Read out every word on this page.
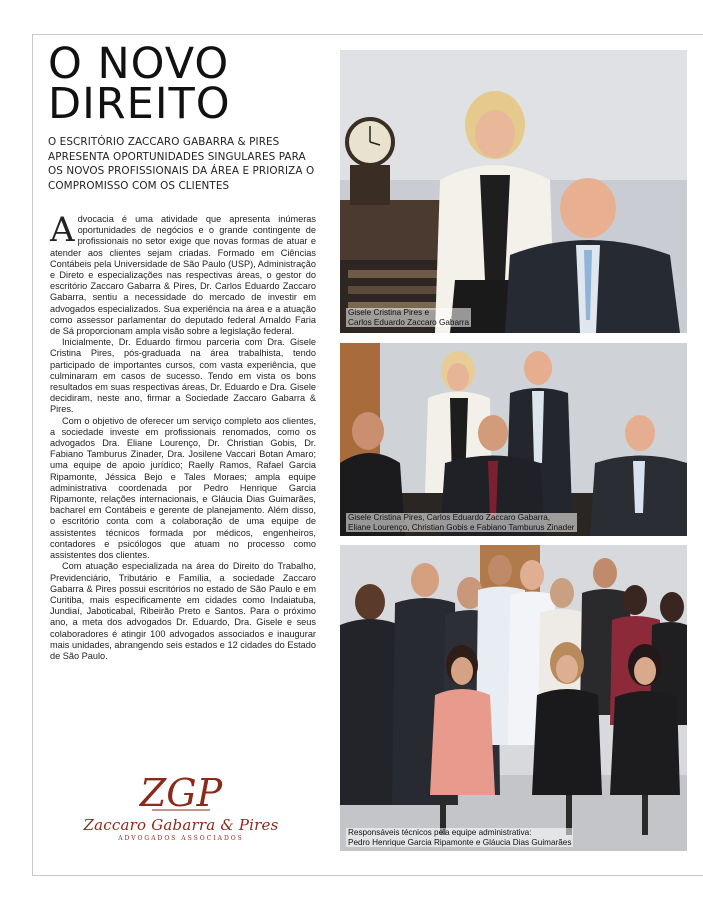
O NOVO DIREITO

O ESCRITÓRIO ZACCARO GABARRA & PIRES APRESENTA OPORTUNIDADES SINGULARES PARA OS NOVOS PROFISSIONAIS DA ÁREA E PRIORIZA O COMPROMISSO COM OS CLIENTES

Advocacia é uma atividade que apresenta inúmeras oportunidades de negócios e o grande contingente de profissionais no setor exige que novas formas de atuar e atender aos clientes sejam criadas. Formado em Ciências Contábeis pela Universidade de São Paulo (USP), Administração e Direto e especializações nas respectivas áreas, o gestor do escritório Zaccaro Gabarra & Pires, Dr. Carlos Eduardo Zaccaro Gabarra, sentiu a necessidade do mercado de investir em advogados especializados. Sua experiência na área e a atuação como assessor parlamentar do deputado federal Arnaldo Faria de Sá proporcionam ampla visão sobre a legislação federal.

Inicialmente, Dr. Eduardo firmou parceria com Dra. Gisele Cristina Pires, pós-graduada na área trabalhista, tendo participado de importantes cursos, com vasta experiência, que culminaram em casos de sucesso. Tendo em vista os bons resultados em suas respectivas áreas, Dr. Eduardo e Dra. Gisele decidiram, neste ano, firmar a Sociedade Zaccaro Gabarra & Pires.

Com o objetivo de oferecer um serviço completo aos clientes, a sociedade investe em profissionais renomados, como os advogados Dra. Eliane Lourenço, Dr. Christian Gobis, Dr. Fabiano Tamburus Zinader, Dra. Josilene Vaccari Botan Amaro; uma equipe de apoio jurídico; Raelly Ramos, Rafael Garcia Ripamonte, Jéssica Bejo e Tales Moraes; ampla equipe administrativa coordenada por Pedro Henrique Garcia Ripamonte, relações internacionais, e Gláucia Dias Guimarães, bacharel em Contábeis e gerente de planejamento. Além disso, o escritório conta com a colaboração de uma equipe de assistentes técnicos formada por médicos, engenheiros, contadores e psicólogos que atuam no processo como assistentes dos clientes.

Com atuação especializada na área do Direito do Trabalho, Previdenciário, Tributário e Família, a sociedade Zaccaro Gabarra & Pires possui escritórios no estado de São Paulo e em Curitiba, mais especificamente em cidades como Indaiatuba, Jundiaí, Jaboticabal, Ribeirão Preto e Santos. Para o próximo ano, a meta dos advogados Dr. Eduardo, Dra. Gisele e seus colaboradores é atingir 100 advogados associados e inaugurar mais unidades, abrangendo seis estados e 12 cidades do Estado de São Paulo.

ZGP
Zaccaro Gabarra & Pires
ADVOGADOS ASSOCIADOS
Gisele Cristina Pires e
Carlos Eduardo Zaccaro Gabarra
Gisele Cristina Pires, Carlos Eduardo Zaccaro Gabarra,
Eliane Lourenço, Christian Gobis e Fabiano Tamburus Zinader
Responsáveis técnicos pela equipe administrativa:
Pedro Henrique Garcia Ripamonte e Gláucia Dias Guimarães
